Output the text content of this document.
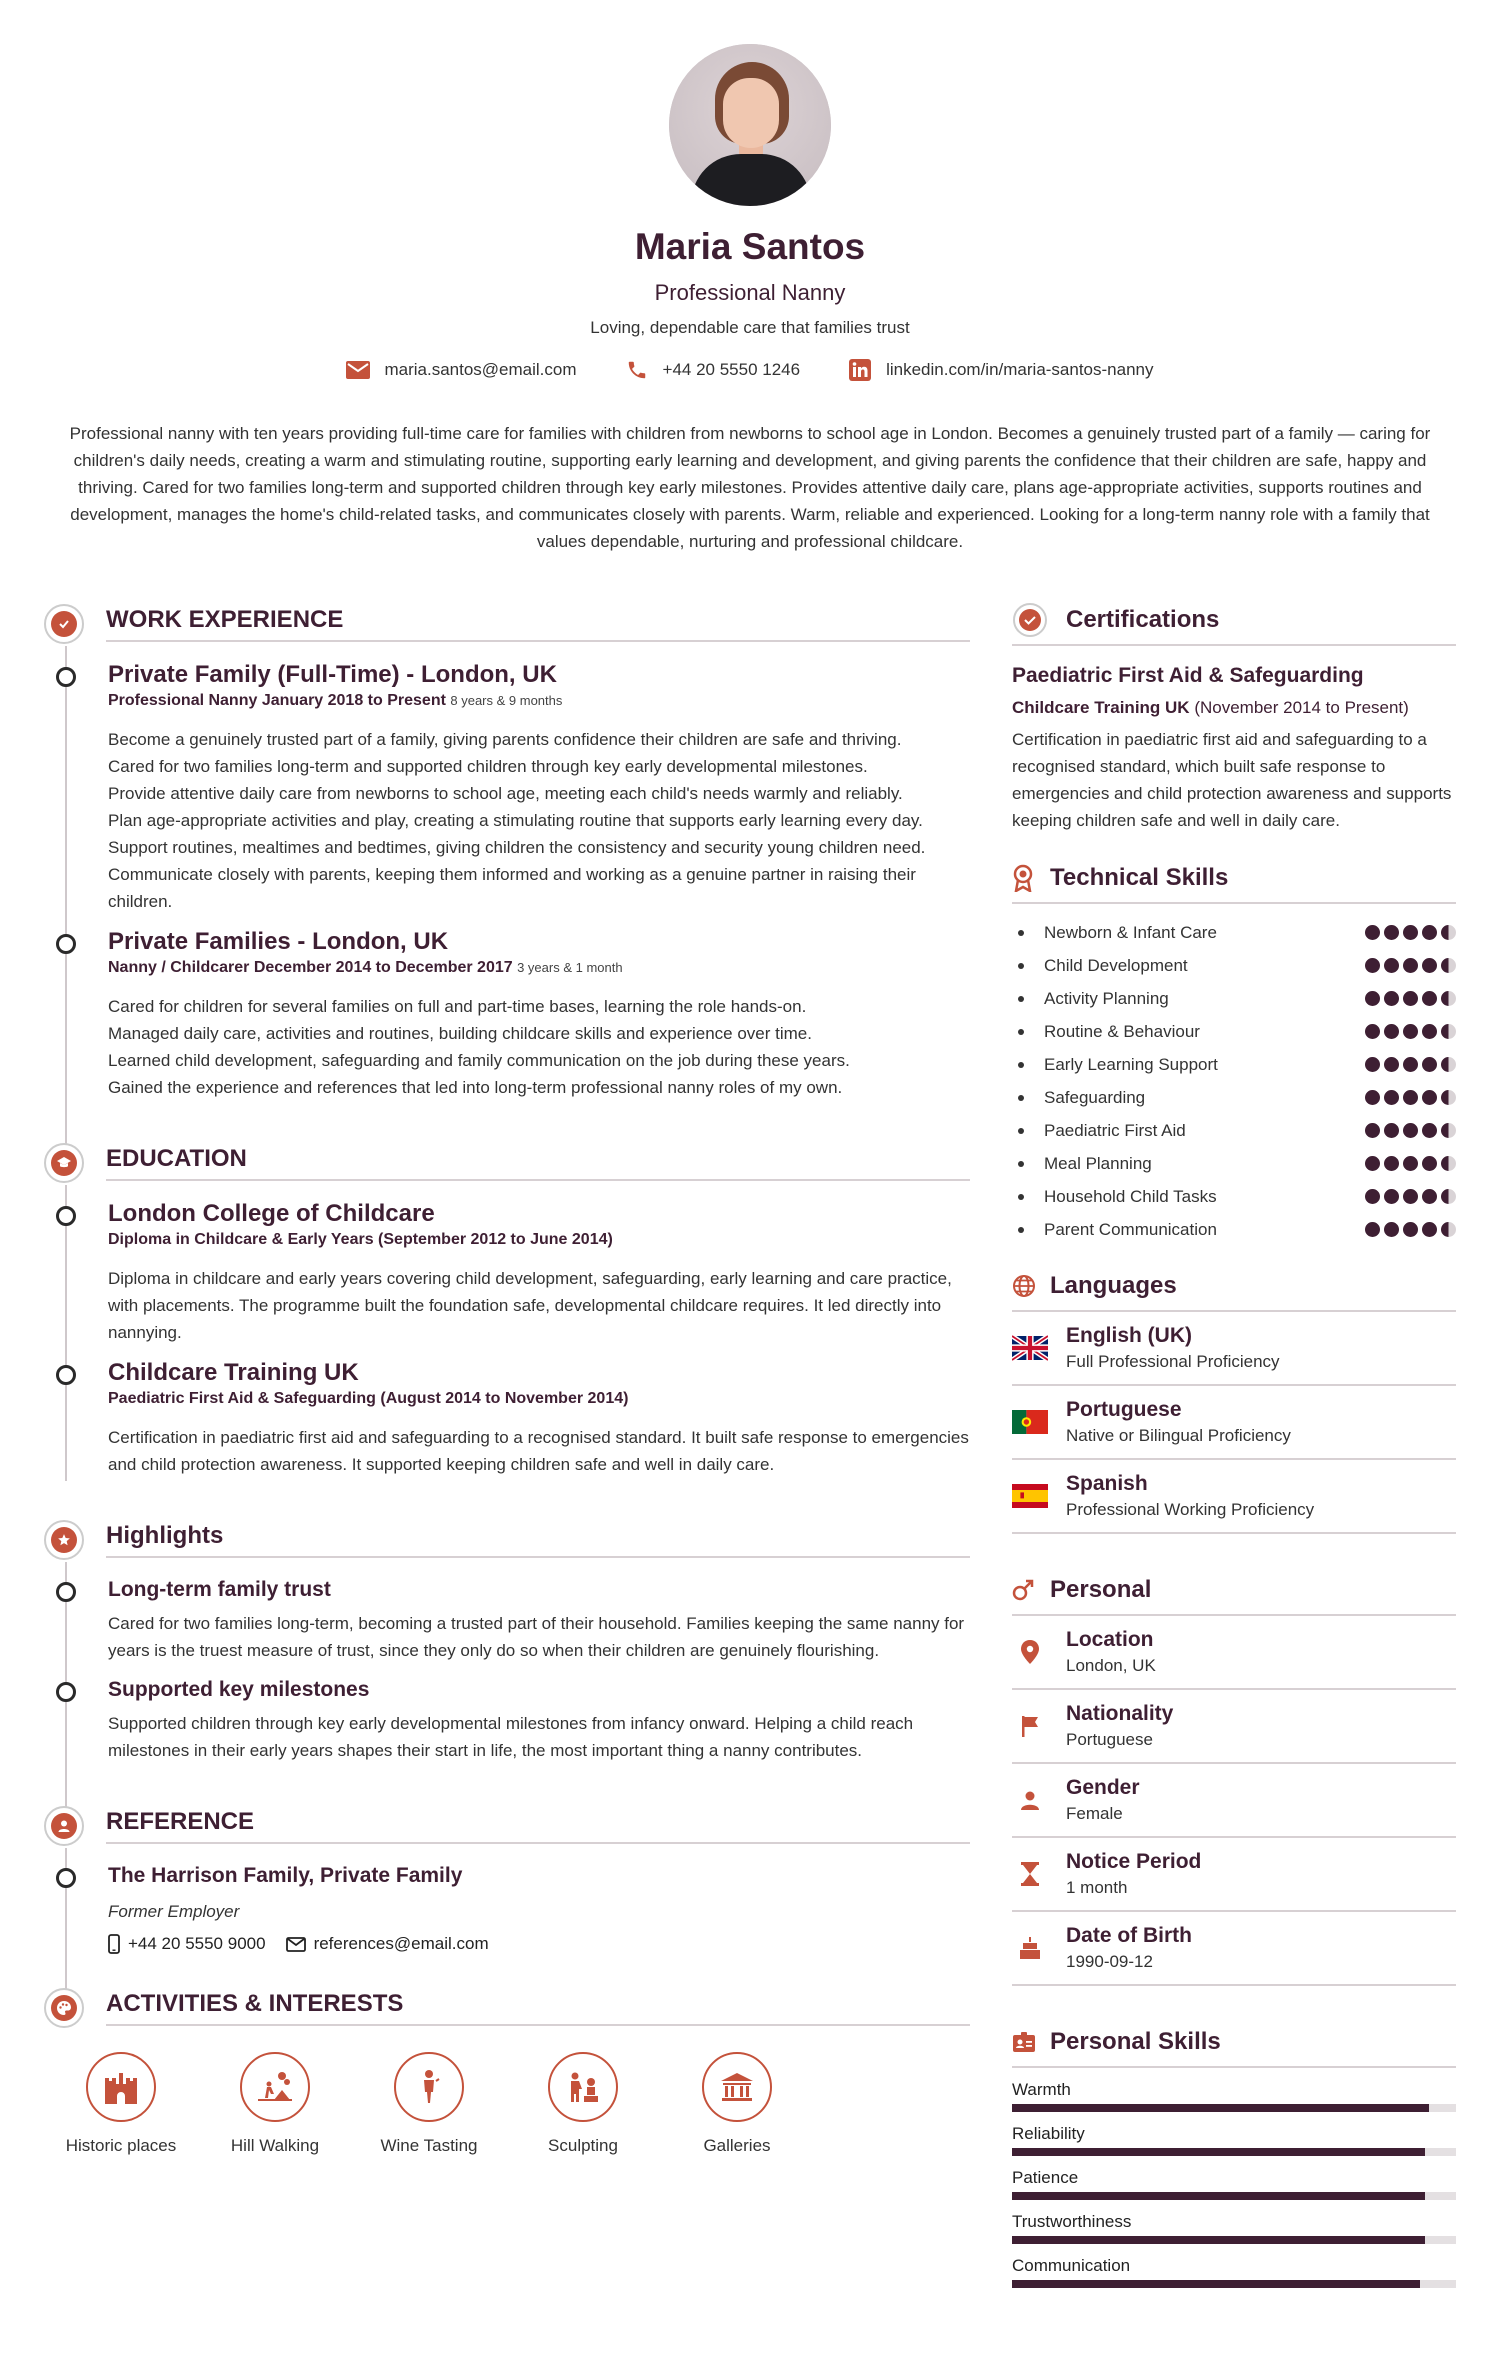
Maria Santos
Professional Nanny
Loving, dependable care that families trust
maria.santos@email.com	+44 20 5550 1246	linkedin.com/in/maria-santos-nanny
Professional nanny with ten years providing full-time care for families with children from newborns to school age in London. Becomes a genuinely trusted part of a family — caring for children's daily needs, creating a warm and stimulating routine, supporting early learning and development, and giving parents the confidence that their children are safe, happy and thriving. Cared for two families long-term and supported children through key early milestones. Provides attentive daily care, plans age-appropriate activities, supports routines and development, manages the home's child-related tasks, and communicates closely with parents. Warm, reliable and experienced. Looking for a long-term nanny role with a family that values dependable, nurturing and professional childcare.
WORK EXPERIENCE
Private Family (Full-Time) - London, UK
Professional Nanny January 2018 to Present 8 years & 9 months
Become a genuinely trusted part of a family, giving parents confidence their children are safe and thriving.
Cared for two families long-term and supported children through key early developmental milestones.
Provide attentive daily care from newborns to school age, meeting each child's needs warmly and reliably.
Plan age-appropriate activities and play, creating a stimulating routine that supports early learning every day.
Support routines, mealtimes and bedtimes, giving children the consistency and security young children need.
Communicate closely with parents, keeping them informed and working as a genuine partner in raising their children.
Private Families - London, UK
Nanny / Childcarer December 2014 to December 2017 3 years & 1 month
Cared for children for several families on full and part-time bases, learning the role hands-on.
Managed daily care, activities and routines, building childcare skills and experience over time.
Learned child development, safeguarding and family communication on the job during these years.
Gained the experience and references that led into long-term professional nanny roles of my own.
EDUCATION
London College of Childcare
Diploma in Childcare & Early Years (September 2012 to June 2014)
Diploma in childcare and early years covering child development, safeguarding, early learning and care practice, with placements. The programme built the foundation safe, developmental childcare requires. It led directly into nannying.
Childcare Training UK
Paediatric First Aid & Safeguarding (August 2014 to November 2014)
Certification in paediatric first aid and safeguarding to a recognised standard. It built safe response to emergencies and child protection awareness. It supported keeping children safe and well in daily care.
Highlights
Long-term family trust
Cared for two families long-term, becoming a trusted part of their household. Families keeping the same nanny for years is the truest measure of trust, since they only do so when their children are genuinely flourishing.
Supported key milestones
Supported children through key early developmental milestones from infancy onward. Helping a child reach milestones in their early years shapes their start in life, the most important thing a nanny contributes.
REFERENCE
The Harrison Family, Private Family
Former Employer
+44 20 5550 9000	references@email.com
ACTIVITIES & INTERESTS
Historic places	Hill Walking	Wine Tasting	Sculpting	Galleries
Certifications
Paediatric First Aid & Safeguarding
Childcare Training UK (November 2014 to Present)
Certification in paediatric first aid and safeguarding to a recognised standard, which built safe response to emergencies and child protection awareness and supports keeping children safe and well in daily care.
Technical Skills
Newborn & Infant Care
Child Development
Activity Planning
Routine & Behaviour
Early Learning Support
Safeguarding
Paediatric First Aid
Meal Planning
Household Child Tasks
Parent Communication
Languages
English (UK)
Full Professional Proficiency
Portuguese
Native or Bilingual Proficiency
Spanish
Professional Working Proficiency
Personal
Location
London, UK
Nationality
Portuguese
Gender
Female
Notice Period
1 month
Date of Birth
1990-09-12
Personal Skills
Warmth
Reliability
Patience
Trustworthiness
Communication
